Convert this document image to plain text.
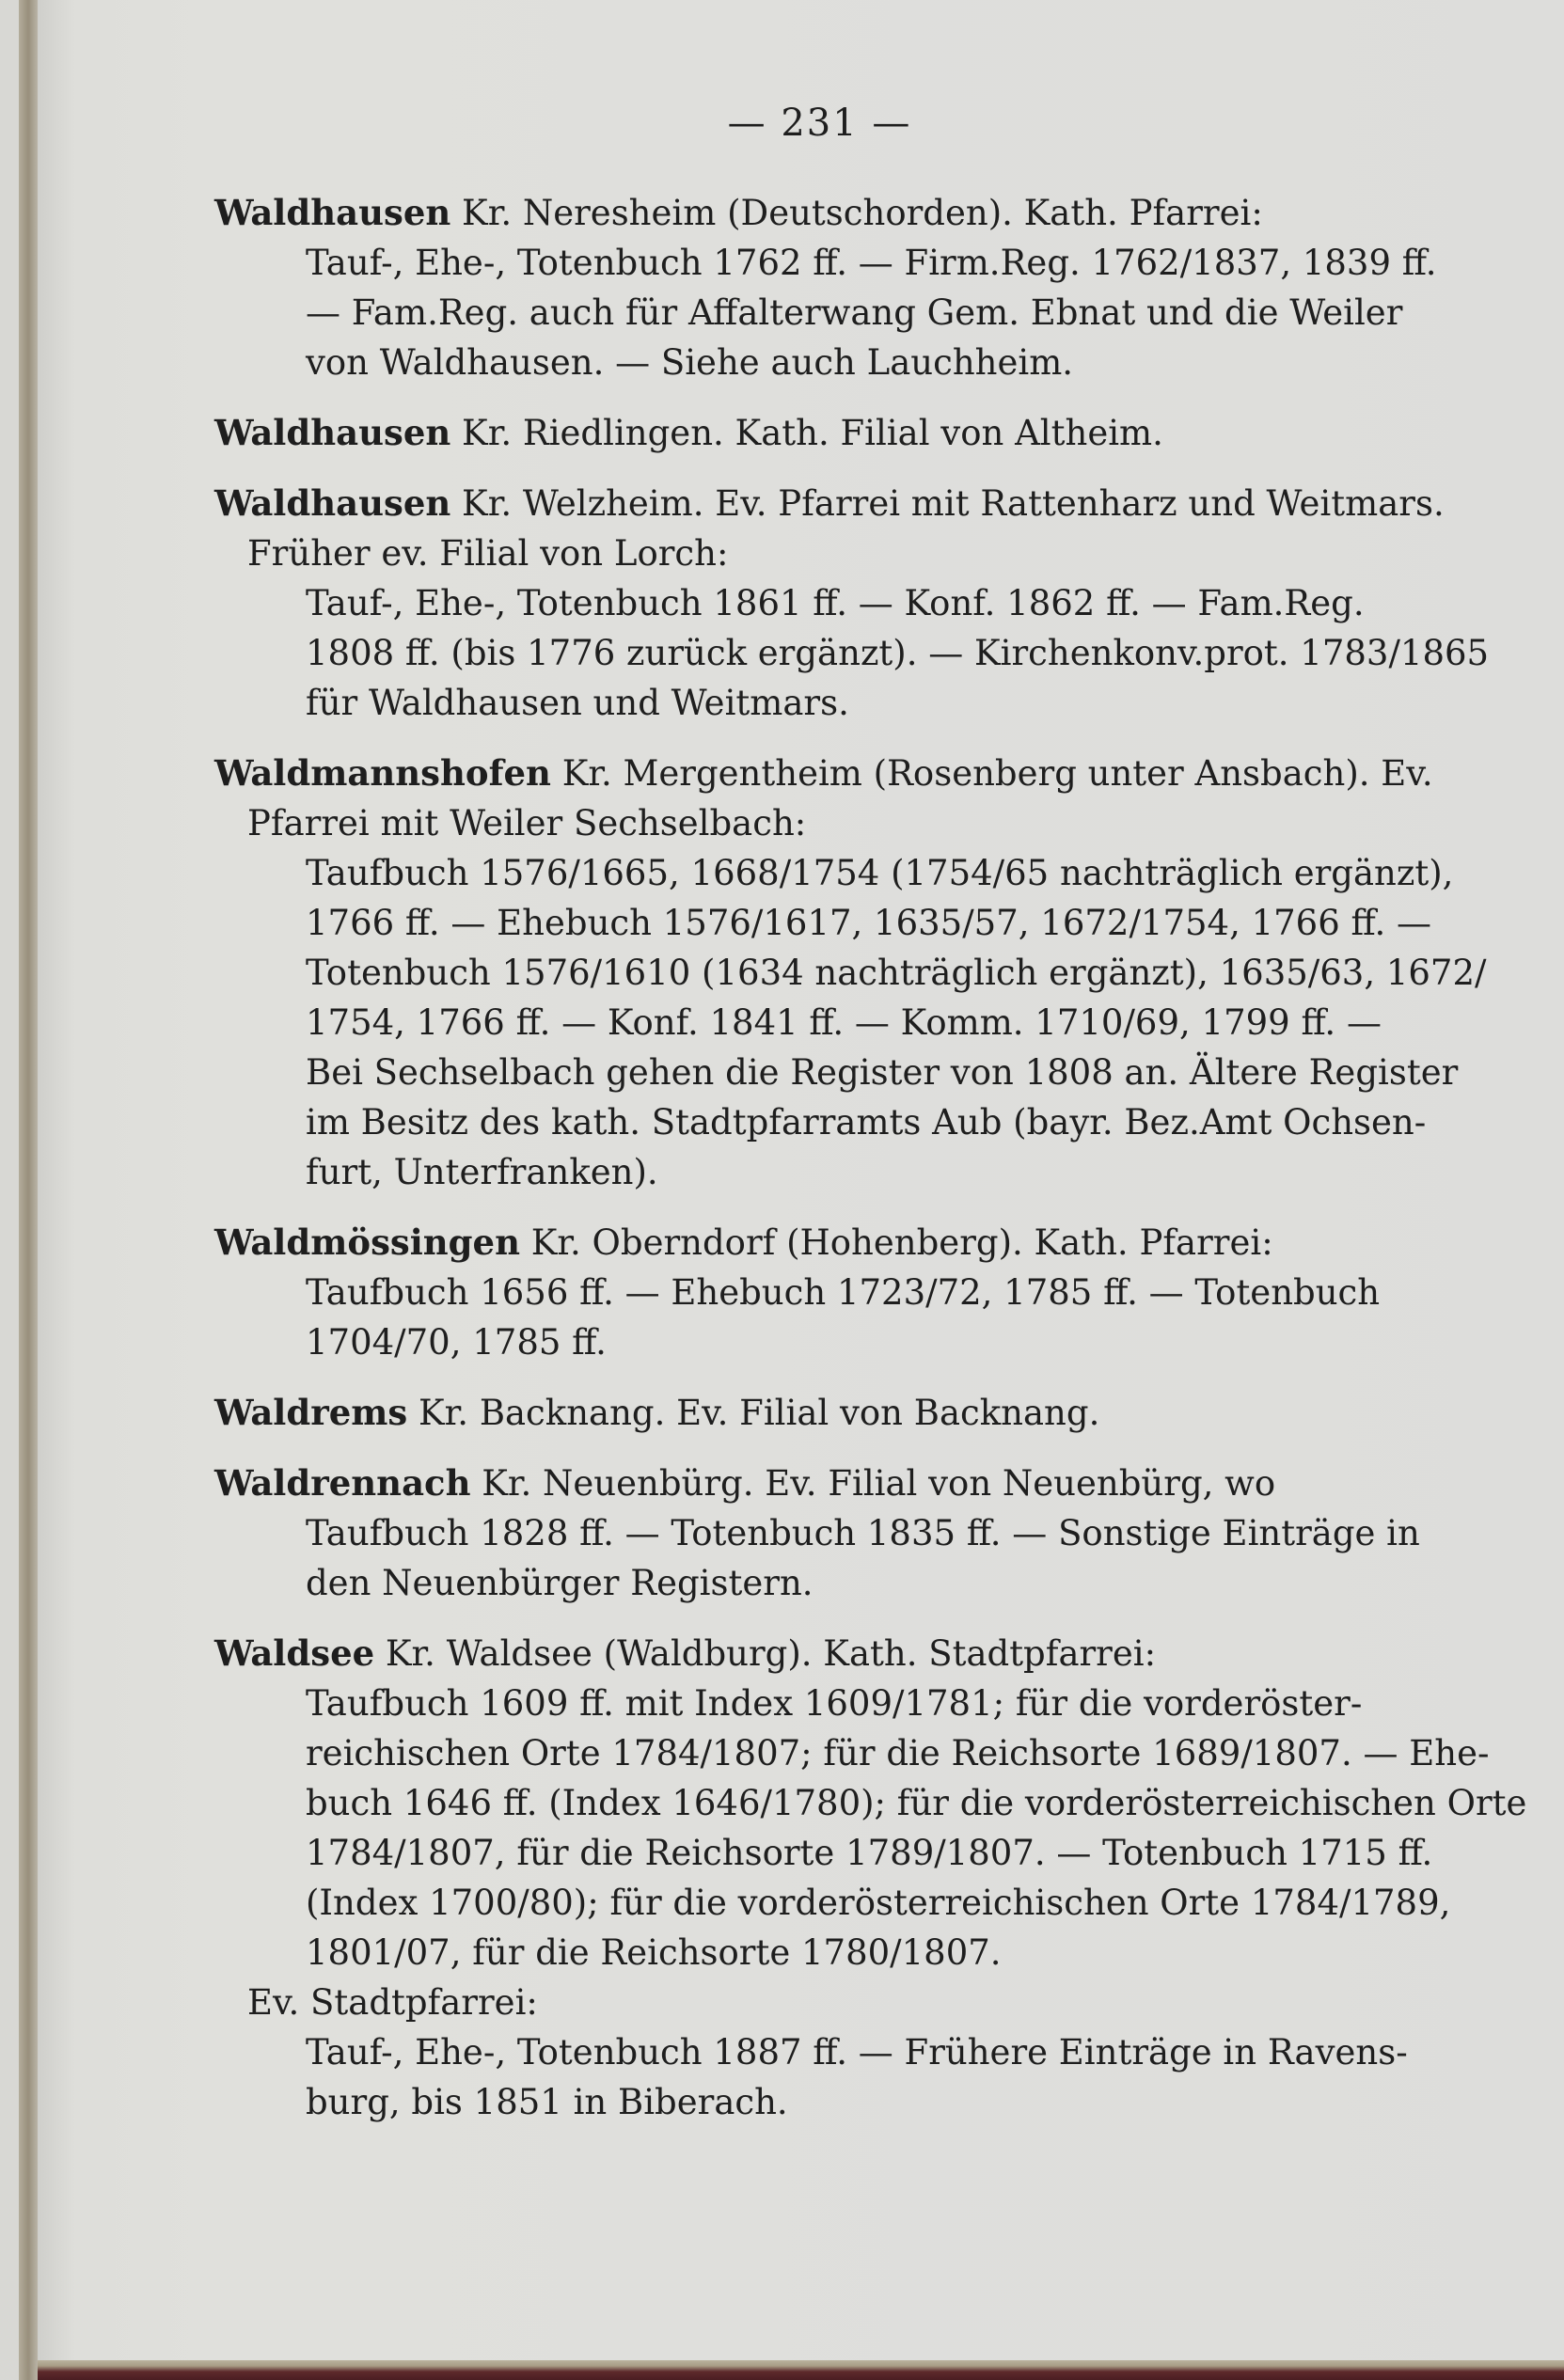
— 231 —
Waldhausen Kr. Neresheim (Deutschorden). Kath. Pfarrei:
Tauf-, Ehe-, Totenbuch 1762 ff. — Firm.Reg. 1762/1837, 1839 ff.
— Fam.Reg. auch für Affalterwang Gem. Ebnat und die Weiler
von Waldhausen. — Siehe auch Lauchheim.
Waldhausen Kr. Riedlingen. Kath. Filial von Altheim.
Waldhausen Kr. Welzheim. Ev. Pfarrei mit Rattenharz und Weitmars.
Früher ev. Filial von Lorch:
Tauf-, Ehe-, Totenbuch 1861 ff. — Konf. 1862 ff. — Fam.Reg.
1808 ff. (bis 1776 zurück ergänzt). — Kirchenkonv.prot. 1783/1865
für Waldhausen und Weitmars.
Waldmannshofen Kr. Mergentheim (Rosenberg unter Ansbach). Ev.
Pfarrei mit Weiler Sechselbach:
Taufbuch 1576/1665, 1668/1754 (1754/65 nachträglich ergänzt),
1766 ff. — Ehebuch 1576/1617, 1635/57, 1672/1754, 1766 ff. —
Totenbuch 1576/1610 (1634 nachträglich ergänzt), 1635/63, 1672/
1754, 1766 ff. — Konf. 1841 ff. — Komm. 1710/69, 1799 ff. —
Bei Sechselbach gehen die Register von 1808 an. Ältere Register
im Besitz des kath. Stadtpfarramts Aub (bayr. Bez.Amt Ochsen-
furt, Unterfranken).
Waldmössingen Kr. Oberndorf (Hohenberg). Kath. Pfarrei:
Taufbuch 1656 ff. — Ehebuch 1723/72, 1785 ff. — Totenbuch
1704/70, 1785 ff.
Waldrems Kr. Backnang. Ev. Filial von Backnang.
Waldrennach Kr. Neuenbürg. Ev. Filial von Neuenbürg, wo
Taufbuch 1828 ff. — Totenbuch 1835 ff. — Sonstige Einträge in
den Neuenbürger Registern.
Waldsee Kr. Waldsee (Waldburg). Kath. Stadtpfarrei:
Taufbuch 1609 ff. mit Index 1609/1781; für die vorderöster-
reichischen Orte 1784/1807; für die Reichsorte 1689/1807. — Ehe-
buch 1646 ff. (Index 1646/1780); für die vorderösterreichischen Orte
1784/1807, für die Reichsorte 1789/1807. — Totenbuch 1715 ff.
(Index 1700/80); für die vorderösterreichischen Orte 1784/1789,
1801/07, für die Reichsorte 1780/1807.
Ev. Stadtpfarrei:
Tauf-, Ehe-, Totenbuch 1887 ff. — Frühere Einträge in Ravens-
burg, bis 1851 in Biberach.
